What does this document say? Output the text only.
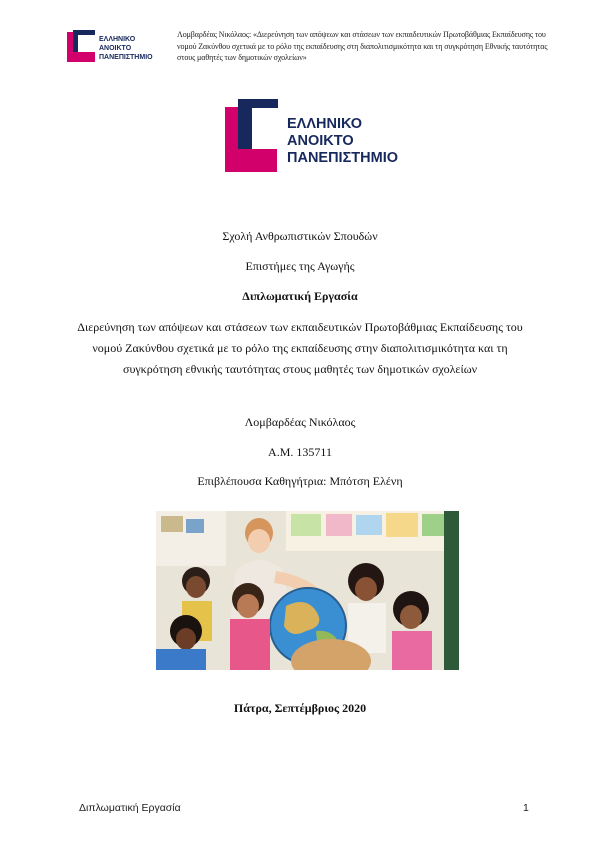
ΕΛΛΗΝΙΚΟ
ΑΝΟΙΚΤΟ
ΠΑΝΕΠΙΣΤΗΜΙΟ
Λομβαρδέας Νικόλαος: «Διερεύνηση των απόψεων και στάσεων των εκπαιδευτικών Πρωτοβάθμιας Εκπαίδευσης του νομού Ζακύνθου σχετικά με το ρόλο της εκπαίδευσης στη διαπολιτισμικότητα και τη συγκρότηση Εθνικής ταυτότητας στους μαθητές των δημοτικών σχολείων»
ΕΛΛΗΝΙΚΟ
ΑΝΟΙΚΤΟ
ΠΑΝΕΠΙΣΤΗΜΙΟ
Σχολή Ανθρωπιστικών Σπουδών
Επιστήμες της Αγωγής
Διπλωματική Εργασία
Διερεύνηση των απόψεων και στάσεων των εκπαιδευτικών Πρωτοβάθμιας Εκπαίδευσης του νομού Ζακύνθου σχετικά με το ρόλο της εκπαίδευσης στην διαπολιτισμικότητα και τη συγκρότηση εθνικής ταυτότητας στους μαθητές των δημοτικών σχολείων
Λομβαρδέας Νικόλαος
Α.Μ. 135711
Επιβλέπουσα Καθηγήτρια: Μπότση Ελένη
Πάτρα, Σεπτέμβριος 2020
Διπλωματική Εργασία	1
